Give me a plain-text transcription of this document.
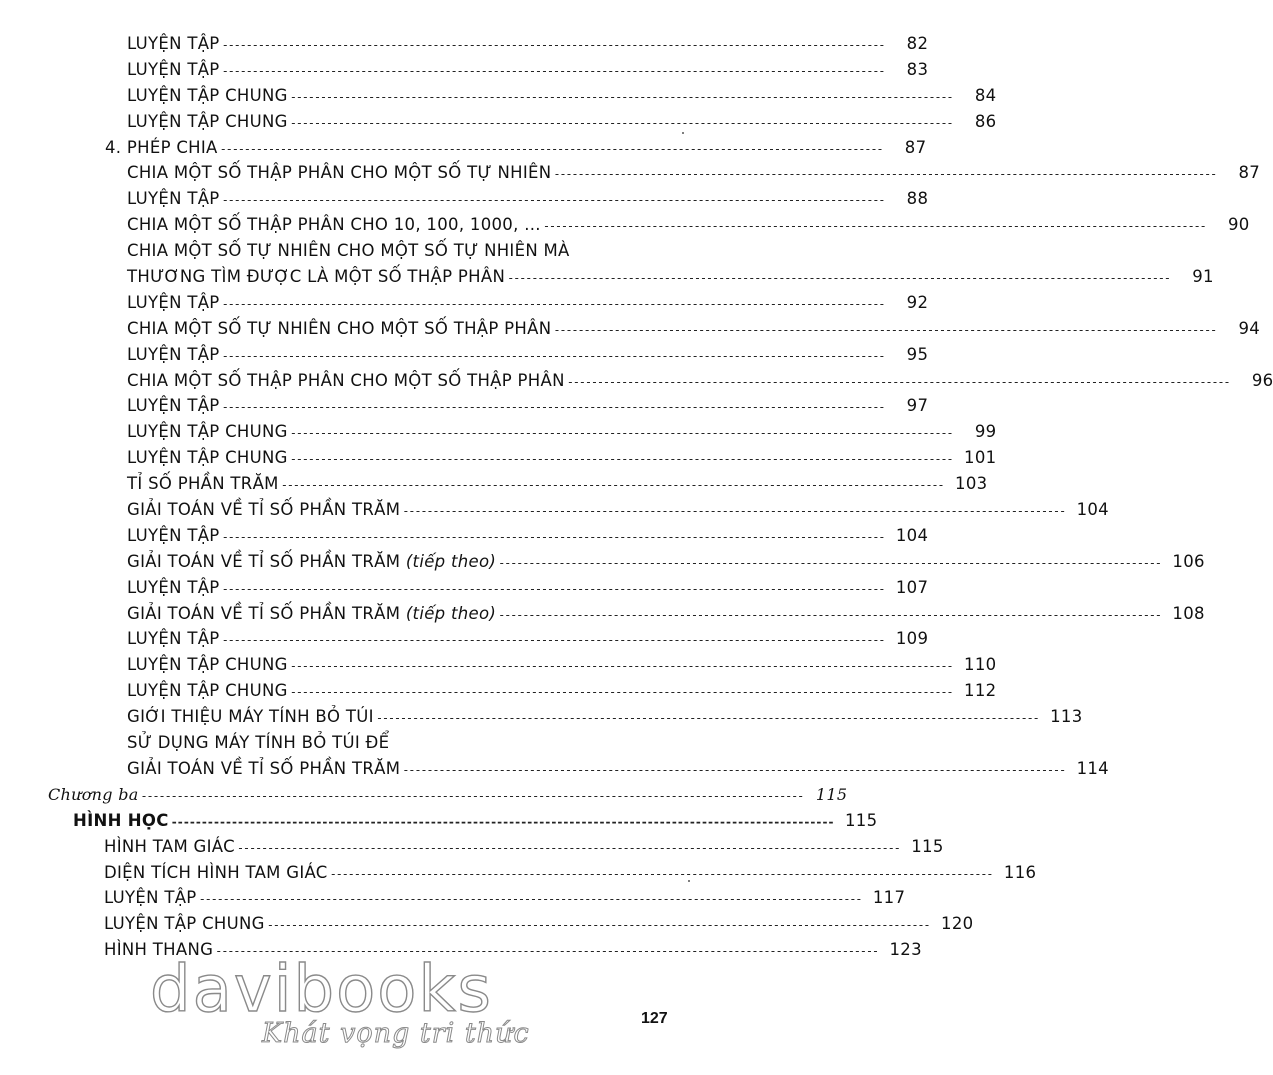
LUYỆN TẬP --------------------------------------------------------------------------------------------------------------	82
LUYỆN TẬP --------------------------------------------------------------------------------------------------------------	83
LUYỆN TẬP CHUNG --------------------------------------------------------------------------------------------------------------	84
LUYỆN TẬP CHUNG --------------------------------------------------------------------------------------------------------------	86
4. PHÉP CHIA --------------------------------------------------------------------------------------------------------------	87
CHIA MỘT SỐ THẬP PHÂN CHO MỘT SỐ TỰ NHIÊN --------------------------------------------------------------------------------------------------------------	87
LUYỆN TẬP --------------------------------------------------------------------------------------------------------------	88
CHIA MỘT SỐ THẬP PHÂN CHO 10, 100, 1000, ... --------------------------------------------------------------------------------------------------------------	90
CHIA MỘT SỐ TỰ NHIÊN CHO MỘT SỐ TỰ NHIÊN MÀ
THƯƠNG TÌM ĐƯỢC LÀ MỘT SỐ THẬP PHÂN --------------------------------------------------------------------------------------------------------------	91
LUYỆN TẬP --------------------------------------------------------------------------------------------------------------	92
CHIA MỘT SỐ TỰ NHIÊN CHO MỘT SỐ THẬP PHÂN --------------------------------------------------------------------------------------------------------------	94
LUYỆN TẬP --------------------------------------------------------------------------------------------------------------	95
CHIA MỘT SỐ THẬP PHÂN CHO MỘT SỐ THẬP PHÂN --------------------------------------------------------------------------------------------------------------	96
LUYỆN TẬP --------------------------------------------------------------------------------------------------------------	97
LUYỆN TẬP CHUNG --------------------------------------------------------------------------------------------------------------	99
LUYỆN TẬP CHUNG -------------------------------------------------------------------------------------------------------------- 101
TỈ SỐ PHẦN TRĂM -------------------------------------------------------------------------------------------------------------- 103
GIẢI TOÁN VỀ TỈ SỐ PHẦN TRĂM -------------------------------------------------------------------------------------------------------------- 104
LUYỆN TẬP -------------------------------------------------------------------------------------------------------------- 104
GIẢI TOÁN VỀ TỈ SỐ PHẦN TRĂM (tiếp theo) -------------------------------------------------------------------------------------------------------------- 106
LUYỆN TẬP -------------------------------------------------------------------------------------------------------------- 107
GIẢI TOÁN VỀ TỈ SỐ PHẦN TRĂM (tiếp theo) -------------------------------------------------------------------------------------------------------------- 108
LUYỆN TẬP -------------------------------------------------------------------------------------------------------------- 109
LUYỆN TẬP CHUNG -------------------------------------------------------------------------------------------------------------- 110
LUYỆN TẬP CHUNG -------------------------------------------------------------------------------------------------------------- 112
GIỚI THIỆU MÁY TÍNH BỎ TÚI -------------------------------------------------------------------------------------------------------------- 113
SỬ DỤNG MÁY TÍNH BỎ TÚI ĐỂ
GIẢI TOÁN VỀ TỈ SỐ PHẦN TRĂM -------------------------------------------------------------------------------------------------------------- 114
Chương ba -------------------------------------------------------------------------------------------------------------- 115
HÌNH HỌC -------------------------------------------------------------------------------------------------------------- 115
HÌNH TAM GIÁC -------------------------------------------------------------------------------------------------------------- 115
DIỆN TÍCH HÌNH TAM GIÁC -------------------------------------------------------------------------------------------------------------- 116
LUYỆN TẬP -------------------------------------------------------------------------------------------------------------- 117
LUYỆN TẬP CHUNG -------------------------------------------------------------------------------------------------------------- 120
HÌNH THANG -------------------------------------------------------------------------------------------------------------- 123
davibooks	127
Khát vọng tri thức
